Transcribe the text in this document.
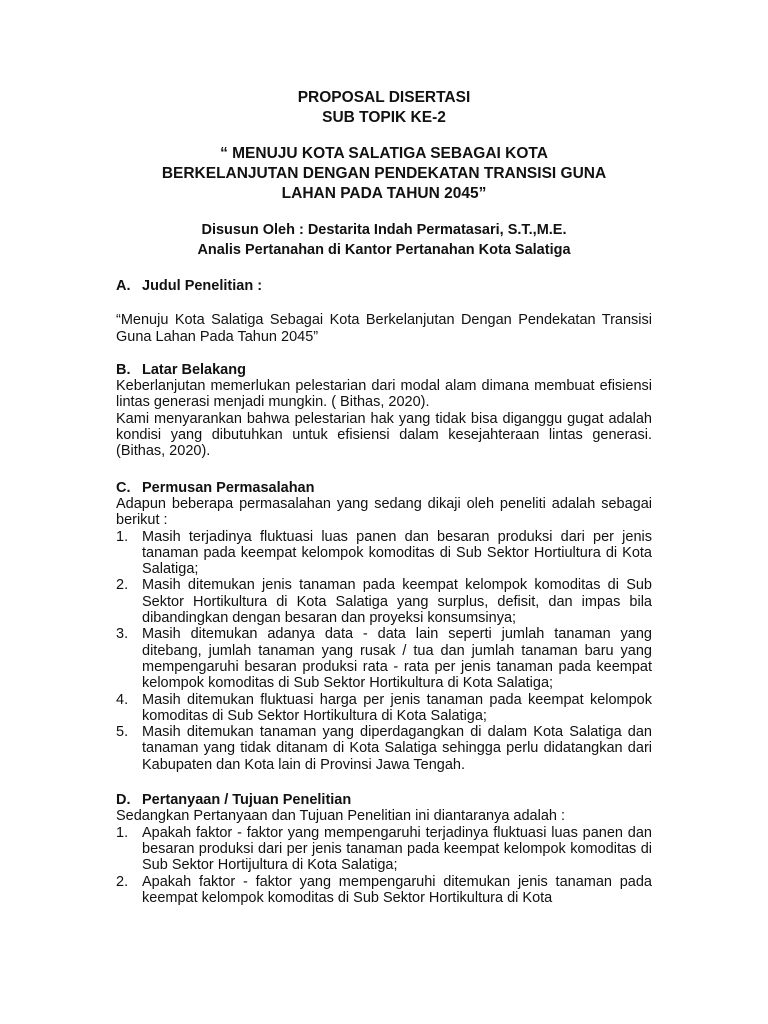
PROPOSAL DISERTASI
SUB TOPIK KE-2
“ MENUJU KOTA SALATIGA SEBAGAI KOTA
BERKELANJUTAN DENGAN PENDEKATAN TRANSISI GUNA
LAHAN PADA TAHUN 2045”
Disusun Oleh : Destarita Indah Permatasari, S.T.,M.E.
Analis Pertanahan di Kantor Pertanahan Kota Salatiga
A. Judul Penelitian :
“Menuju Kota Salatiga Sebagai Kota Berkelanjutan Dengan Pendekatan Transisi Guna Lahan Pada Tahun 2045”
B. Latar Belakang
Keberlanjutan memerlukan pelestarian dari modal alam dimana membuat efisiensi lintas generasi menjadi mungkin. ( Bithas, 2020).
Kami menyarankan bahwa pelestarian hak yang tidak bisa diganggu gugat adalah kondisi yang dibutuhkan untuk efisiensi dalam kesejahteraan lintas generasi. (Bithas, 2020).
C. Permusan Permasalahan
Adapun beberapa permasalahan yang sedang dikaji oleh peneliti adalah sebagai berikut :
1. Masih terjadinya fluktuasi luas panen dan besaran produksi dari per jenis tanaman pada keempat kelompok komoditas di Sub Sektor Hortiultura di Kota Salatiga;
2. Masih ditemukan jenis tanaman pada keempat kelompok komoditas di Sub Sektor Hortikultura di Kota Salatiga yang surplus, defisit, dan impas bila dibandingkan dengan besaran dan proyeksi konsumsinya;
3. Masih ditemukan adanya data - data lain seperti jumlah tanaman yang ditebang, jumlah tanaman yang rusak / tua dan jumlah tanaman baru yang mempengaruhi besaran produksi rata - rata per jenis tanaman pada keempat kelompok komoditas di Sub Sektor Hortikultura di Kota Salatiga;
4. Masih ditemukan fluktuasi harga per jenis tanaman pada keempat kelompok komoditas di Sub Sektor Hortikultura di Kota Salatiga;
5. Masih ditemukan tanaman yang diperdagangkan di dalam Kota Salatiga dan tanaman yang tidak ditanam di Kota Salatiga sehingga perlu didatangkan dari Kabupaten dan Kota lain di Provinsi Jawa Tengah.
D. Pertanyaan / Tujuan Penelitian
Sedangkan Pertanyaan dan Tujuan Penelitian ini diantaranya adalah :
1. Apakah faktor - faktor yang mempengaruhi terjadinya fluktuasi luas panen dan besaran produksi dari per jenis tanaman pada keempat kelompok komoditas di Sub Sektor Hortijultura di Kota Salatiga;
2. Apakah faktor - faktor yang mempengaruhi ditemukan jenis tanaman pada keempat kelompok komoditas di Sub Sektor Hortikultura di Kota
